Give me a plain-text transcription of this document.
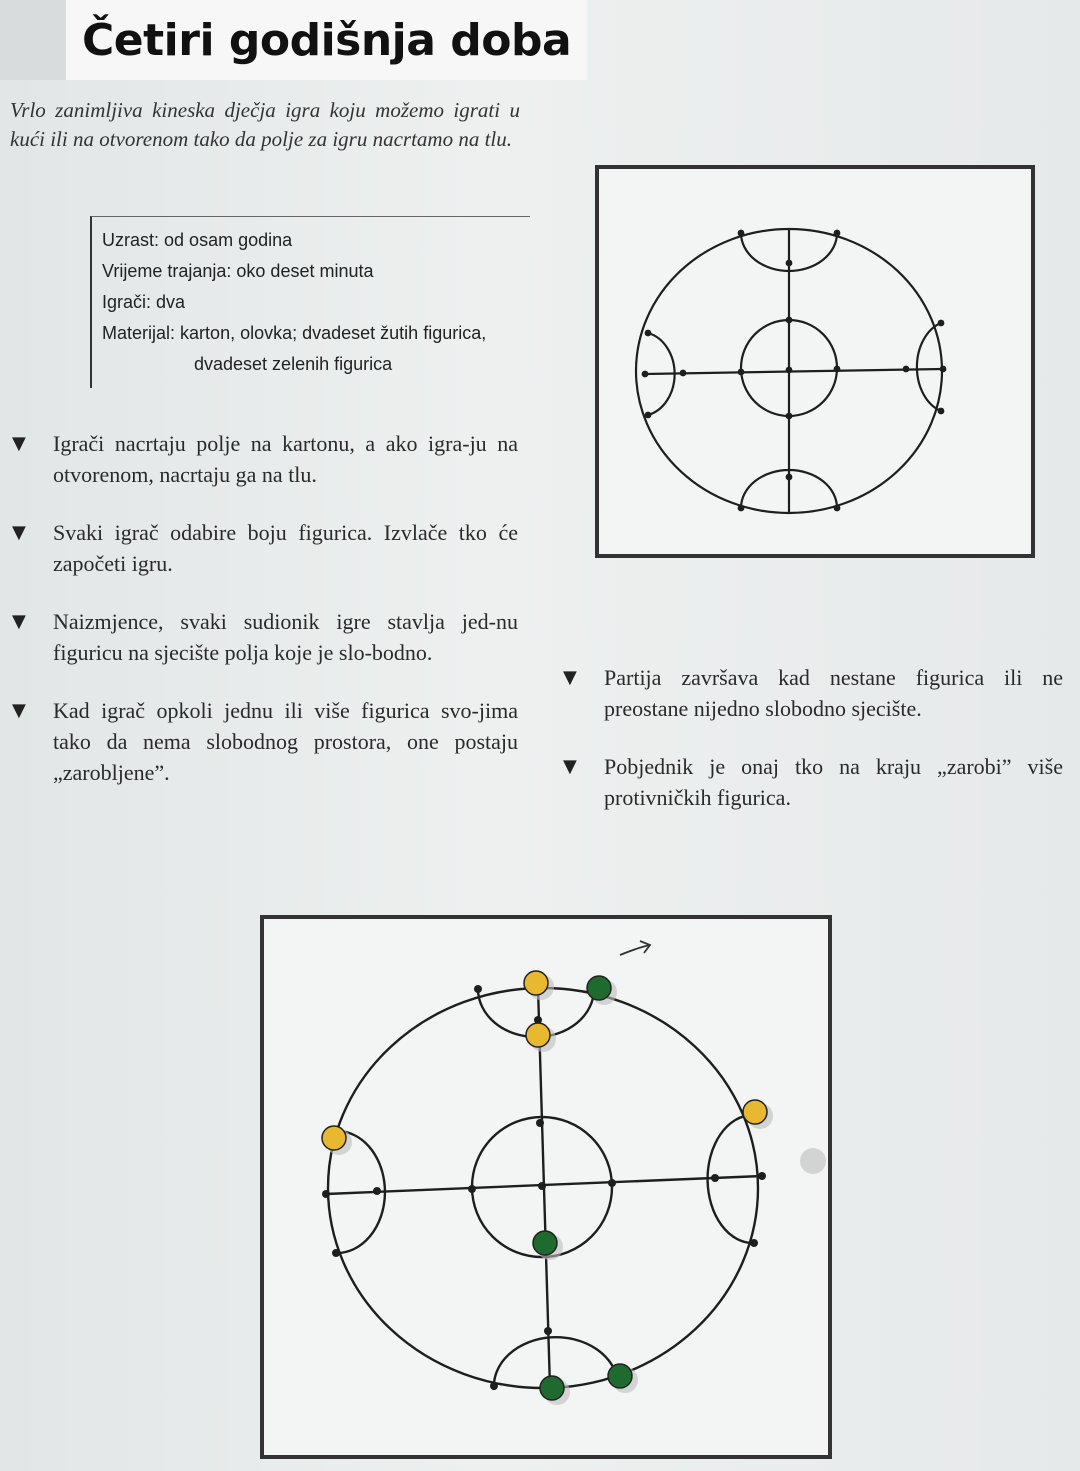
Četiri godišnja doba
Vrlo zanimljiva kineska dječja igra koju možemo igrati u kući ili na otvorenom tako da polje za igru nacrtamo na tlu.
Uzrast: od osam godina
Vrijeme trajanja: oko deset minuta
Igrači: dva
Materijal: karton, olovka; dvadeset žutih figurica,
dvadeset zelenih figurica
▼ Igrači nacrtaju polje na kartonu, a ako igra-ju na otvorenom, nacrtaju ga na tlu.
▼ Svaki igrač odabire boju figurica. Izvlače tko će započeti igru.
▼ Naizmjence, svaki sudionik igre stavlja jed-nu figuricu na sjecište polja koje je slo-bodno.
▼ Kad igrač opkoli jednu ili više figurica svo-jima tako da nema slobodnog prostora, one postaju „zarobljene”.
▼ Partija završava kad nestane figurica ili ne preostane nijedno slobodno sjecište.
▼ Pobjednik je onaj tko na kraju „zarobi” više protivničkih figurica.
